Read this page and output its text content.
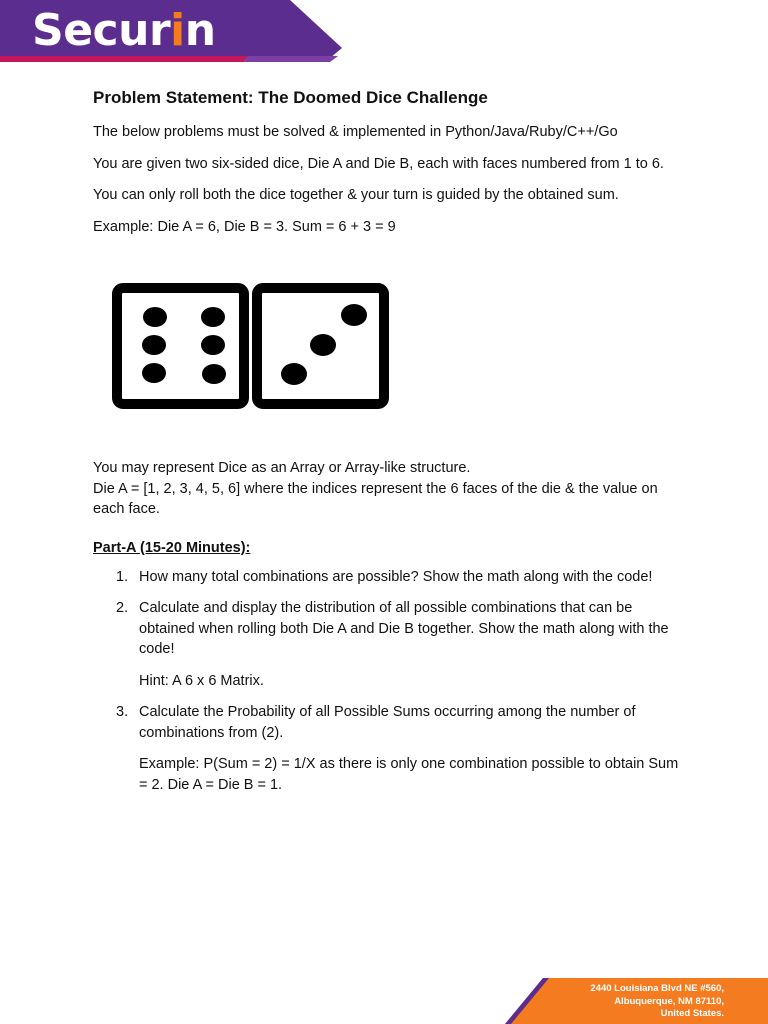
Securin
Problem Statement: The Doomed Dice Challenge

The below problems must be solved & implemented in Python/Java/Ruby/C++/Go

You are given two six-sided dice, Die A and Die B, each with faces numbered from 1 to 6.

You can only roll both the dice together & your turn is guided by the obtained sum.

Example: Die A = 6, Die B = 3. Sum = 6 + 3 = 9

You may represent Dice as an Array or Array-like structure.

Die A = [1, 2, 3, 4, 5, 6] where the indices represent the 6 faces of the die & the value on each face.

Part-A (15-20 Minutes):
1. How many total combinations are possible? Show the math along with the code!
2. Calculate and display the distribution of all possible combinations that can be obtained when rolling both Die A and Die B together. Show the math along with the code!
Hint: A 6 x 6 Matrix.
3. Calculate the Probability of all Possible Sums occurring among the number of combinations from (2).
Example: P(Sum = 2) = 1/X as there is only one combination possible to obtain Sum = 2. Die A = Die B = 1.
2440 Louisiana Blvd NE #560,
Albuquerque, NM 87110,
United States.
